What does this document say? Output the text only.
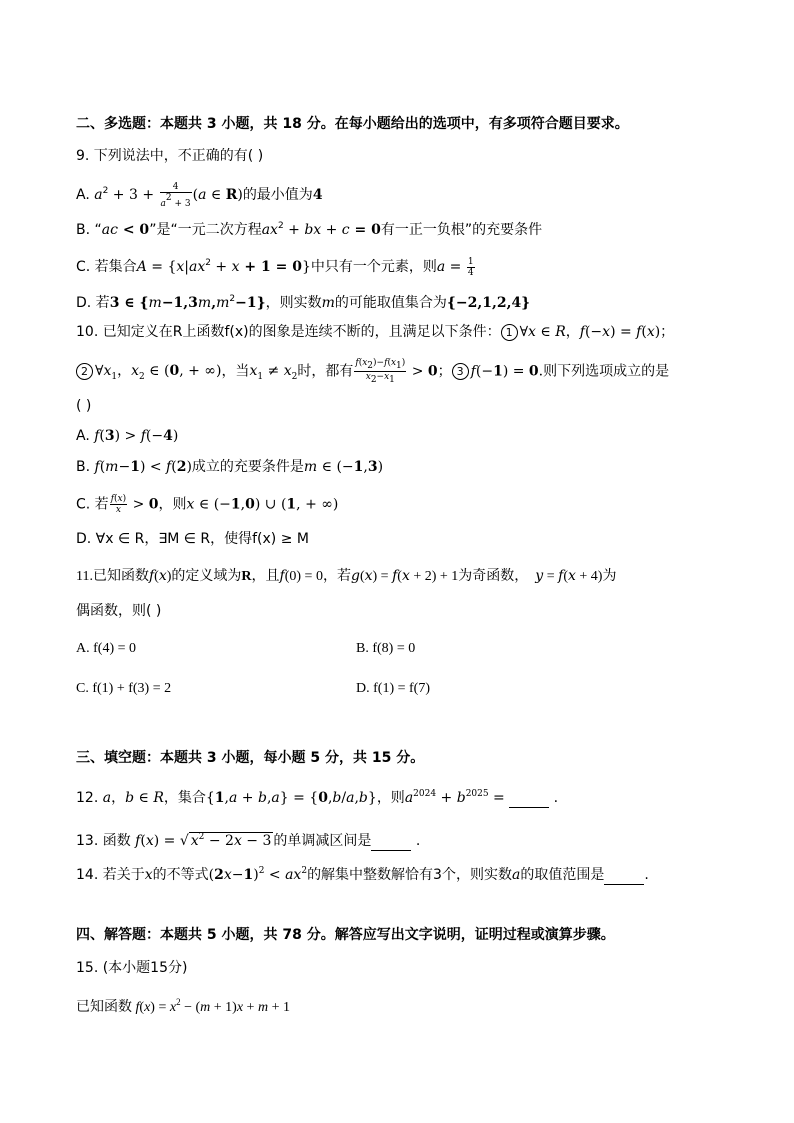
二、多选题：本题共 3 小题，共 18 分。在每小题给出的选项中，有多项符合题目要求。
9. 下列说法中，不正确的有( )
A. $a^2 + 3 + \frac{4}{a^2 + 3} (a$ ∈ R)的最小值为4
B. “ac < 0”是“一元二次方程$ax^2$ + bx + c = 0有一正一负根”的充要条件
C. 若集合$A = \{x|ax^2 + x + 1 = 0\}$中只有一个元素，则$a = \frac{1}{4}$
D. 若3 ∈ $\{m-1,3m,m^2-1\}$，则实数m的可能取值集合为{−2,1,2,4}
10. 已知定义在R上函数f(x)的图象是连续不断的，且满足以下条件： 1 ∀x ∈ R，f(−x) = f(x)；
2 $\forall x_1$，$x_2$ ∈ (0, + ∞)，当$x_1 \ne x_2$时，都有 $\frac{f(x_2)-f(x_1)}{x_2-x_1} > 0$； 3 f(−1) = 0.则下列选项成立的是
( )
A. f(3) > f(−4)
B. f(m−1) < f(2)成立的充要条件是m ∈ (−1,3)
C. 若 $\frac{f(x)}{x} > 0$，则x ∈ (−1,0) ∪ (1, + ∞)
D. ∀x ∈ R，∃M ∈ R，使得f(x) ≥ M
11.已知函数f(x)的定义域为R，且f(0) = 0，若g(x) = f(x + 2) + 1为奇函数， y = f(x + 4)为
偶函数，则( )
A. f(4) = 0	B. f(8) = 0
C. f(1) + f(3) = 2	D. f(1) = f(7)
三、填空题：本题共 3 小题，每小题 5 分，共 15 分。
12. a，b ∈ R，集合{1,a + b,a} = {0,b/a,b}，则$a^{2024} + b^{2025}$ =	.
13. 函数 f(x) = √ $x^2 - 2x - 3$ 的单调减区间是	.
14. 若关于x的不等式$(2x-1)^2 < ax^2$的解集中整数解恰有3个，则实数a的取值范围是	.
四、解答题：本题共 5 小题，共 78 分。解答应写出文字说明，证明过程或演算步骤。
15. (本小题15分)
已知函数 $f(x) = x^2 - (m + 1)x + m + 1$
